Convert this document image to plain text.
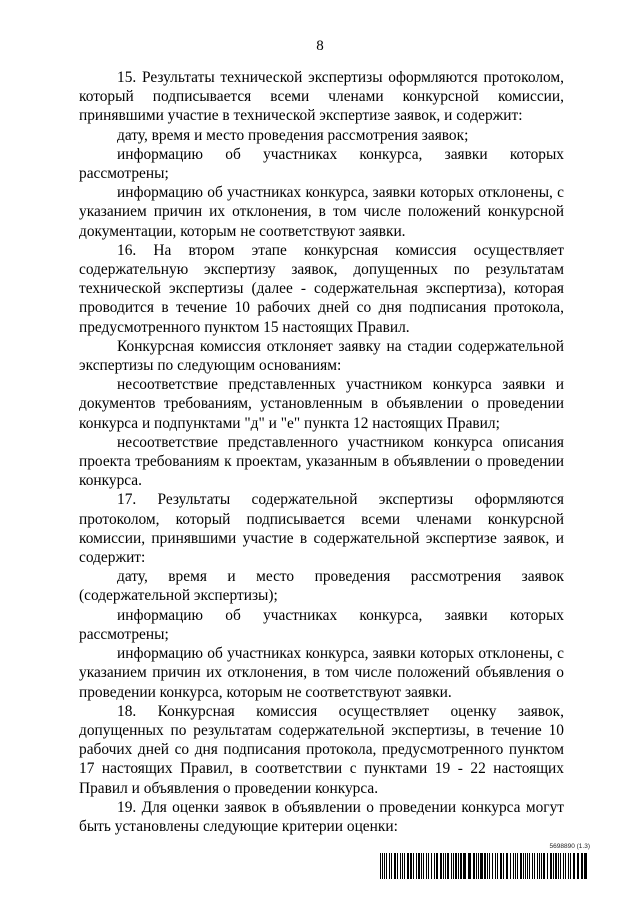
8

15. Результаты технической экспертизы оформляются протоколом, который подписывается всеми членами конкурсной комиссии, принявшими участие в технической экспертизе заявок, и содержит:

дату, время и место проведения рассмотрения заявок;

информацию об участниках конкурса, заявки которых рассмотрены;

информацию об участниках конкурса, заявки которых отклонены, с указанием причин их отклонения, в том числе положений конкурсной документации, которым не соответствуют заявки.

16. На втором этапе конкурсная комиссия осуществляет содержательную экспертизу заявок, допущенных по результатам технической экспертизы (далее - содержательная экспертиза), которая проводится в течение 10 рабочих дней со дня подписания протокола, предусмотренного пунктом 15 настоящих Правил.

Конкурсная комиссия отклоняет заявку на стадии содержательной экспертизы по следующим основаниям:

несоответствие представленных участником конкурса заявки и документов требованиям, установленным в объявлении о проведении конкурса и подпунктами "д" и "е" пункта 12 настоящих Правил;

несоответствие представленного участником конкурса описания проекта требованиям к проектам, указанным в объявлении о проведении конкурса.

17. Результаты содержательной экспертизы оформляются протоколом, который подписывается всеми членами конкурсной комиссии, принявшими участие в содержательной экспертизе заявок, и содержит:

дату, время и место проведения рассмотрения заявок (содержательной экспертизы);

информацию об участниках конкурса, заявки которых рассмотрены;

информацию об участниках конкурса, заявки которых отклонены, с указанием причин их отклонения, в том числе положений объявления о проведении конкурса, которым не соответствуют заявки.

18. Конкурсная комиссия осуществляет оценку заявок, допущенных по результатам содержательной экспертизы, в течение 10 рабочих дней со дня подписания протокола, предусмотренного пунктом 17 настоящих Правил, в соответствии с пунктами 19 - 22 настоящих Правил и объявления о проведении конкурса.

19. Для оценки заявок в объявлении о проведении конкурса могут быть установлены следующие критерии оценки:

5698890 (1.3)
